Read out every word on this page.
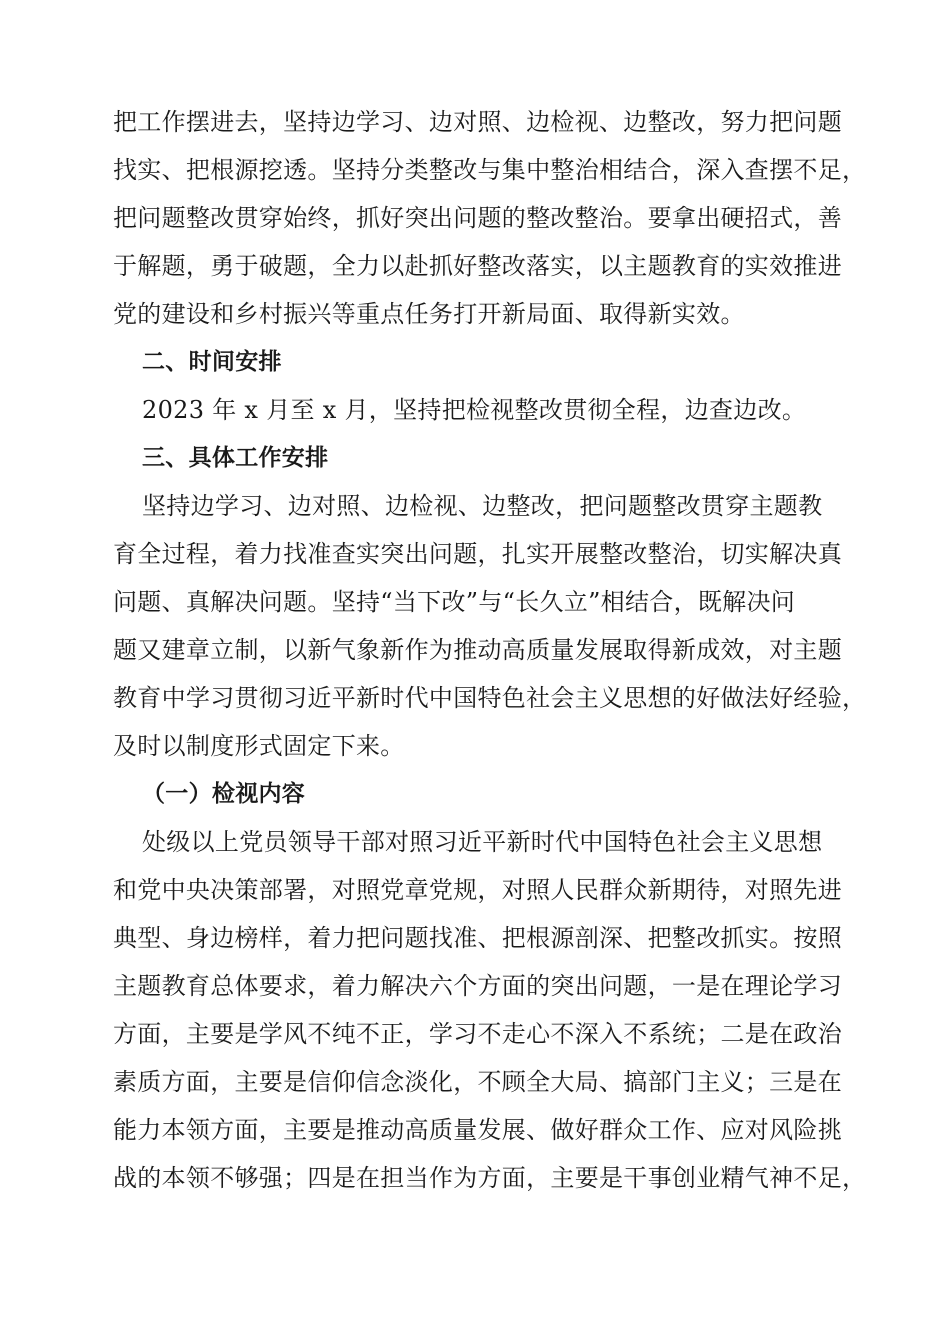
把工作摆进去，坚持边学习、边对照、边检视、边整改，努力把问题
找实、把根源挖透。坚持分类整改与集中整治相结合，深入查摆不足，
把问题整改贯穿始终，抓好突出问题的整改整治。要拿出硬招式，善
于解题，勇于破题，全力以赴抓好整改落实，以主题教育的实效推进
党的建设和乡村振兴等重点任务打开新局面、取得新实效。
二、时间安排
2023 年 x 月至 x 月，坚持把检视整改贯彻全程，边查边改。
三、具体工作安排
坚持边学习、边对照、边检视、边整改，把问题整改贯穿主题教
育全过程，着力找准查实突出问题，扎实开展整改整治，切实解决真
问题、真解决问题。坚持“当下改”与“长久立”相结合，既解决问
题又建章立制，以新气象新作为推动高质量发展取得新成效，对主题
教育中学习贯彻习近平新时代中国特色社会主义思想的好做法好经验，
及时以制度形式固定下来。
（一）检视内容
处级以上党员领导干部对照习近平新时代中国特色社会主义思想
和党中央决策部署，对照党章党规，对照人民群众新期待，对照先进
典型、身边榜样，着力把问题找准、把根源剖深、把整改抓实。按照
主题教育总体要求，着力解决六个方面的突出问题，一是在理论学习
方面，主要是学风不纯不正，学习不走心不深入不系统；二是在政治
素质方面，主要是信仰信念淡化，不顾全大局、搞部门主义；三是在
能力本领方面，主要是推动高质量发展、做好群众工作、应对风险挑
战的本领不够强；四是在担当作为方面，主要是干事创业精气神不足，
